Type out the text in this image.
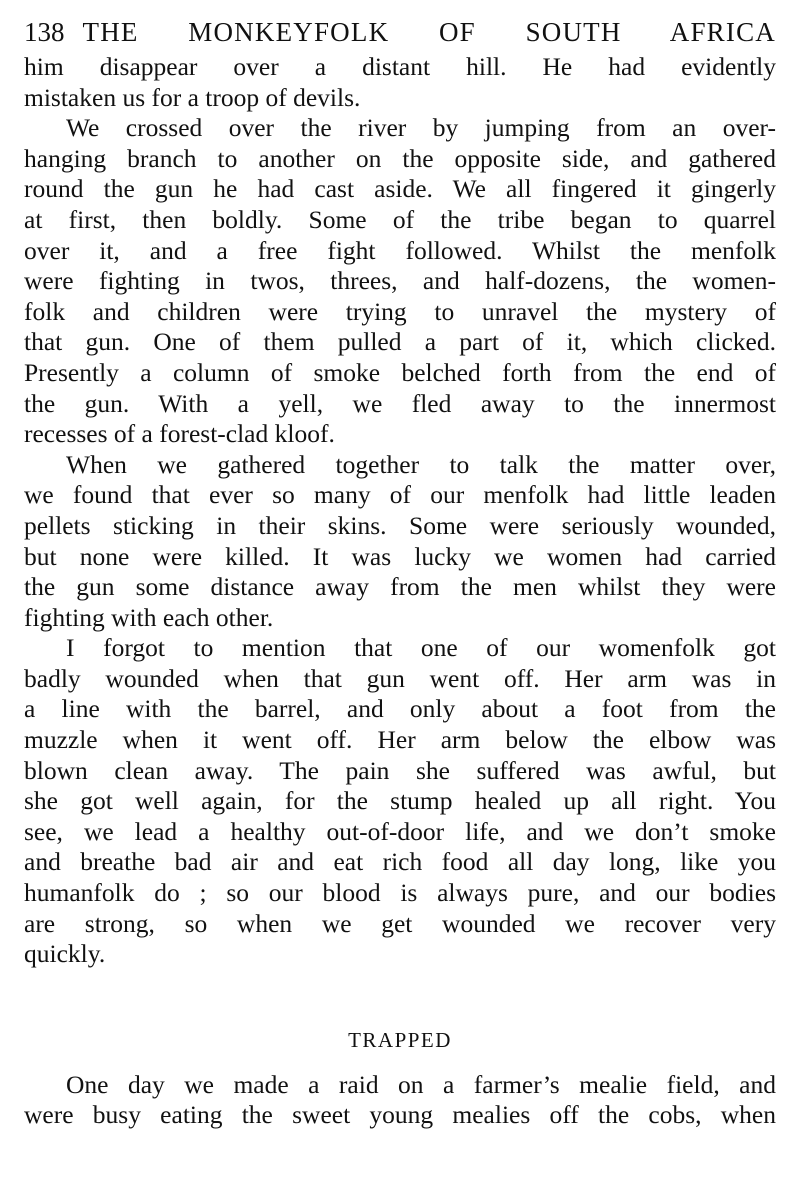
138 THE MONKEYFOLK OF SOUTH AFRICA
him disappear over a distant hill. He had evidently
mistaken us for a troop of devils.
We crossed over the river by jumping from an over-
hanging branch to another on the opposite side, and gathered
round the gun he had cast aside. We all fingered it gingerly
at first, then boldly. Some of the tribe began to quarrel
over it, and a free fight followed. Whilst the menfolk
were fighting in twos, threes, and half-dozens, the women-
folk and children were trying to unravel the mystery of
that gun. One of them pulled a part of it, which clicked.
Presently a column of smoke belched forth from the end of
the gun. With a yell, we fled away to the innermost
recesses of a forest-clad kloof.
When we gathered together to talk the matter over,
we found that ever so many of our menfolk had little leaden
pellets sticking in their skins. Some were seriously wounded,
but none were killed. It was lucky we women had carried
the gun some distance away from the men whilst they were
fighting with each other.
I forgot to mention that one of our womenfolk got
badly wounded when that gun went off. Her arm was in
a line with the barrel, and only about a foot from the
muzzle when it went off. Her arm below the elbow was
blown clean away. The pain she suffered was awful, but
she got well again, for the stump healed up all right. You
see, we lead a healthy out-of-door life, and we don’t smoke
and breathe bad air and eat rich food all day long, like you
humanfolk do ; so our blood is always pure, and our bodies
are strong, so when we get wounded we recover very
quickly.
TRAPPED
One day we made a raid on a farmer’s mealie field, and
were busy eating the sweet young mealies off the cobs, when
